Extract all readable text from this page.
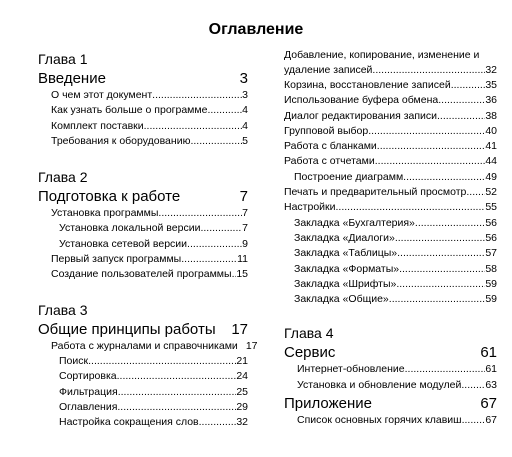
Оглавление
Глава 1
Введение	3
О чем этот документ .....	3
Как узнать больше о программе .....	4
Комплект поставки .....	4
Требования к оборудованию .....	5
Глава 2
Подготовка к работе	7
Установка программы .....	7
Установка локальной версии .....	7
Установка сетевой версии .....	9
Первый запуск программы .....	11
Создание пользователей программы ..... 15
Глава 3
Общие принципы работы	17
Работа с журналами и справочниками 17
Поиск .....	21
Сортировка .....	24
Фильтрация .....	25
Оглавления .....	29
Настройка сокращения слов .....	32
Добавление, копирование, изменение и
удаление записей .....	32
Корзина, восстановление записей .....	35
Использование буфера обмена .....	36
Диалог редактирования записи .....	38
Групповой выбор .....	40
Работа с бланками .....	41
Работа с отчетами .....	44
Построение диаграмм .....	49
Печать и предварительный просмотр ..... 52
Настройки .....	55
Закладка «Бухгалтерия» .....	56
Закладка «Диалоги» .....	56
Закладка «Таблицы» .....	57
Закладка «Форматы» .....	58
Закладка «Шрифты» .....	59
Закладка «Общие» .....	59
Глава 4
Сервис	61
Интернет-обновление .....	61
Установка и обновление модулей ..... 63
Приложение	67
Список основных горячих клавиш ..... 67
